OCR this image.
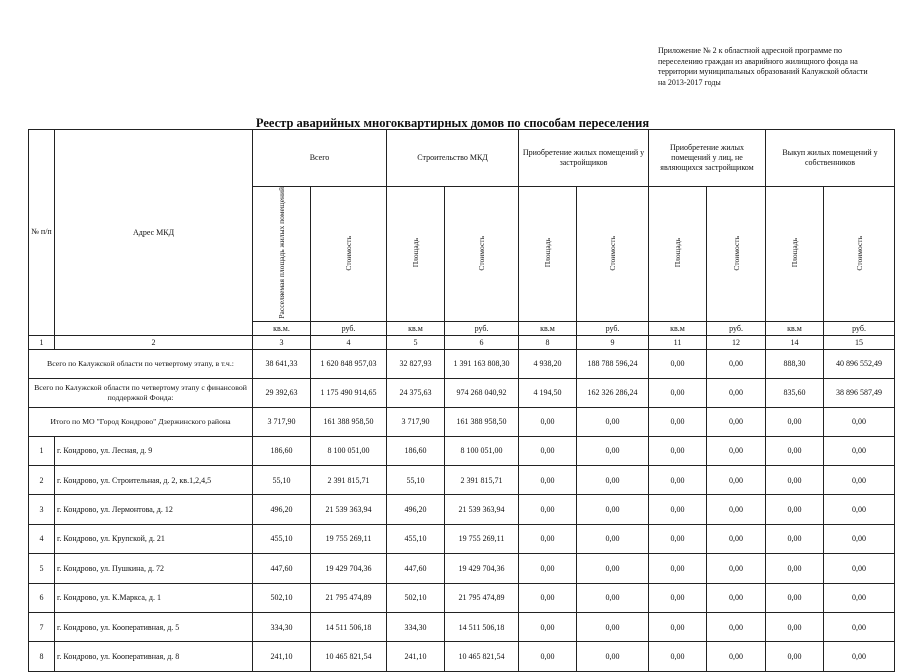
Приложение № 2 к областной адресной программе по
переселению граждан из аварийного жилищного фонда на
территории муниципальных образований Калужской области
на 2013-2017 годы
Реестр аварийных многоквартирных домов по способам переселения
№ п/п	Адрес МКД	Всего		Строительство МКД		Приобретение жилых помещений у застройщиков		Приобретение жилых помещений у лиц, не являющихся застройщиком		Выкуп жилых помещений у собственников	
		Расселяемая площадь жилых помещений	Стоимость	Площадь	Стоимость	Площадь	Стоимость	Площадь	Стоимость	Площадь	Стоимость
		кв.м.	руб.	кв.м	руб.	кв.м	руб.	кв.м	руб.	кв.м	руб.
1	2	3	4	5	6	8	9	11	12	14	15
Всего по Калужской области по четвертому этапу, в т.ч.:		38 641,33	1 620 848 957,03	32 827,93	1 391 163 808,30	4 938,20	188 788 596,24	0,00	0,00	888,30	40 896 552,49
Всего по Калужской области по четвертому этапу с финансовой поддержкой Фонда:		29 392,63	1 175 490 914,65	24 375,63	974 268 040,92	4 194,50	162 326 286,24	0,00	0,00	835,60	38 896 587,49
Итого по МО "Город Кондрово" Дзержинского района		3 717,90	161 388 958,50	3 717,90	161 388 958,50	0,00	0,00	0,00	0,00	0,00	0,00
1	г. Кондрово, ул. Лесная, д. 9	186,60	8 100 051,00	186,60	8 100 051,00	0,00	0,00	0,00	0,00	0,00	0,00
2	г. Кондрово, ул. Строительная, д. 2, кв.1,2,4,5	55,10	2 391 815,71	55,10	2 391 815,71	0,00	0,00	0,00	0,00	0,00	0,00
3	г. Кондрово, ул. Лермонтова, д. 12	496,20	21 539 363,94	496,20	21 539 363,94	0,00	0,00	0,00	0,00	0,00	0,00
4	г. Кондрово, ул. Крупской, д. 21	455,10	19 755 269,11	455,10	19 755 269,11	0,00	0,00	0,00	0,00	0,00	0,00
5	г. Кондрово, ул. Пушкина, д. 72	447,60	19 429 704,36	447,60	19 429 704,36	0,00	0,00	0,00	0,00	0,00	0,00
6	г. Кондрово, ул. К.Маркса, д. 1	502,10	21 795 474,89	502,10	21 795 474,89	0,00	0,00	0,00	0,00	0,00	0,00
7	г. Кондрово, ул. Кооперативная, д. 5	334,30	14 511 506,18	334,30	14 511 506,18	0,00	0,00	0,00	0,00	0,00	0,00
8	г. Кондрово, ул. Кооперативная, д. 8	241,10	10 465 821,54	241,10	10 465 821,54	0,00	0,00	0,00	0,00	0,00	0,00
